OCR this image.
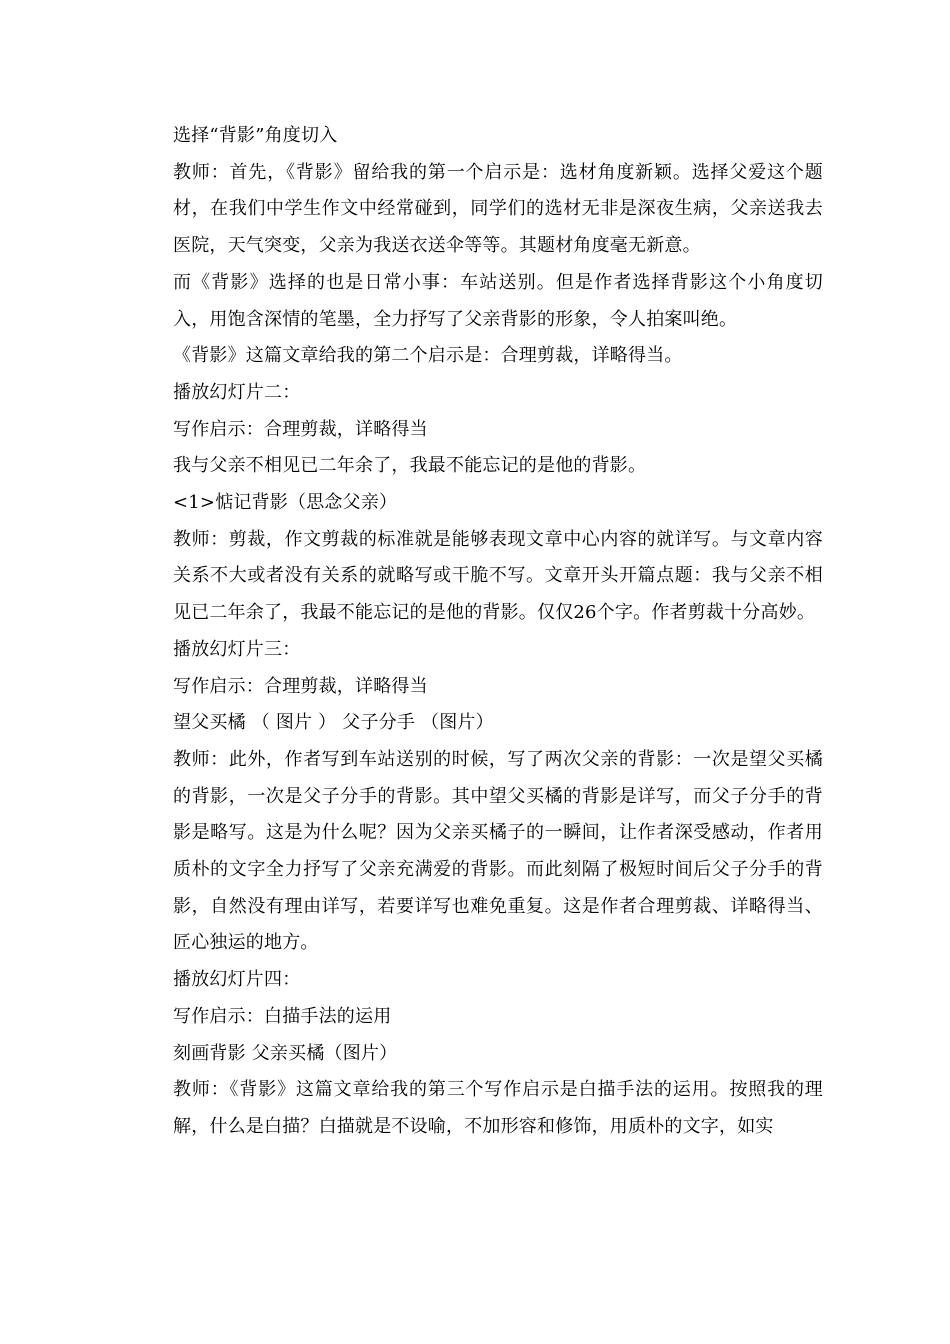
选择“背影”角度切入

教师：首先，《背影》留给我的第一个启示是：选材角度新颖。选择父爱这个题材，在我们中学生作文中经常碰到，同学们的选材无非是深夜生病，父亲送我去医院，天气突变，父亲为我送衣送伞等等。其题材角度毫无新意。

而《背影》选择的也是日常小事：车站送别。但是作者选择背影这个小角度切入，用饱含深情的笔墨，全力抒写了父亲背影的形象，令人拍案叫绝。

《背影》这篇文章给我的第二个启示是：合理剪裁，详略得当。

播放幻灯片二：

写作启示：合理剪裁，详略得当

我与父亲不相见已二年余了，我最不能忘记的是他的背影。

<1>惦记背影（思念父亲）

教师：剪裁，作文剪裁的标准就是能够表现文章中心内容的就详写。与文章内容关系不大或者没有关系的就略写或干脆不写。文章开头开篇点题：我与父亲不相见已二年余了，我最不能忘记的是他的背影。仅仅26个字。作者剪裁十分高妙。

播放幻灯片三：

写作启示：合理剪裁，详略得当

望父买橘 （ 图片 ） 父子分手 （图片）

教师：此外，作者写到车站送别的时候，写了两次父亲的背影：一次是望父买橘的背影，一次是父子分手的背影。其中望父买橘的背影是详写，而父子分手的背影是略写。这是为什么呢？因为父亲买橘子的一瞬间，让作者深受感动，作者用质朴的文字全力抒写了父亲充满爱的背影。而此刻隔了极短时间后父子分手的背影，自然没有理由详写，若要详写也难免重复。这是作者合理剪裁、详略得当、匠心独运的地方。

播放幻灯片四：

写作启示：白描手法的运用

刻画背影 父亲买橘（图片）

教师：《背影》这篇文章给我的第三个写作启示是白描手法的运用。按照我的理解，什么是白描？白描就是不设喻，不加形容和修饰，用质朴的文字，如实
